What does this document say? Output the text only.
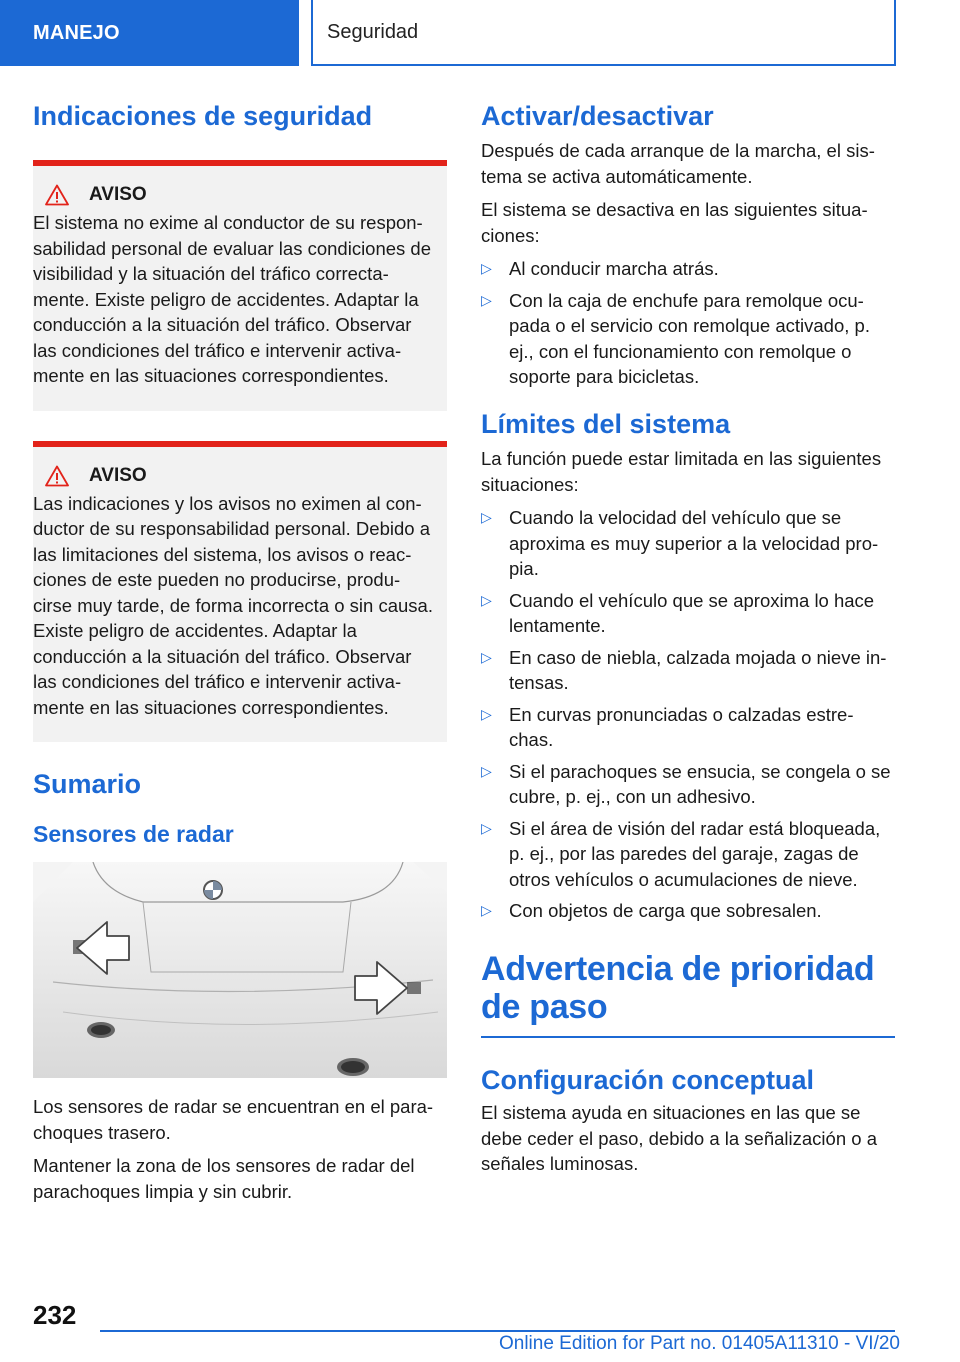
MANEJO	Seguridad
Indicaciones de seguridad
AVISO

El sistema no exime al conductor de su respon-sabilidad personal de evaluar las condiciones de visibilidad y la situación del tráfico correcta-mente. Existe peligro de accidentes. Adaptar la conducción a la situación del tráfico. Observar las condiciones del tráfico e intervenir activa-mente en las situaciones correspondientes.

AVISO

Las indicaciones y los avisos no eximen al con-ductor de su responsabilidad personal. Debido a las limitaciones del sistema, los avisos o reac-ciones de este pueden no producirse, produ-cirse muy tarde, de forma incorrecta o sin causa. Existe peligro de accidentes. Adaptar la conducción a la situación del tráfico. Observar las condiciones del tráfico e intervenir activa-mente en las situaciones correspondientes.

Sumario
Sensores de radar

Los sensores de radar se encuentran en el para-choques trasero.

Mantener la zona de los sensores de radar del parachoques limpia y sin cubrir.

Activar/desactivar

Después de cada arranque de la marcha, el sis-tema se activa automáticamente.

El sistema se desactiva en las siguientes situa-ciones:

▷ Al conducir marcha atrás.
▷ Con la caja de enchufe para remolque ocu-pada o el servicio con remolque activado, p. ej., con el funcionamiento con remolque o soporte para bicicletas.
Límites del sistema

La función puede estar limitada en las siguientes situaciones:

▷ Cuando la velocidad del vehículo que se aproxima es muy superior a la velocidad pro-pia.
▷ Cuando el vehículo que se aproxima lo hace lentamente.
▷ En caso de niebla, calzada mojada o nieve in-tensas.
▷ En curvas pronunciadas o calzadas estre-chas.
▷ Si el parachoques se ensucia, se congela o se cubre, p. ej., con un adhesivo.
▷ Si el área de visión del radar está bloqueada, p. ej., por las paredes del garaje, zagas de otros vehículos o acumulaciones de nieve.
▷ Con objetos de carga que sobresalen.
Advertencia de prioridad de paso
Configuración conceptual

El sistema ayuda en situaciones en las que se debe ceder el paso, debido a la señalización o a señales luminosas.

232
Online Edition for Part no. 01405A11310 - VI/20
